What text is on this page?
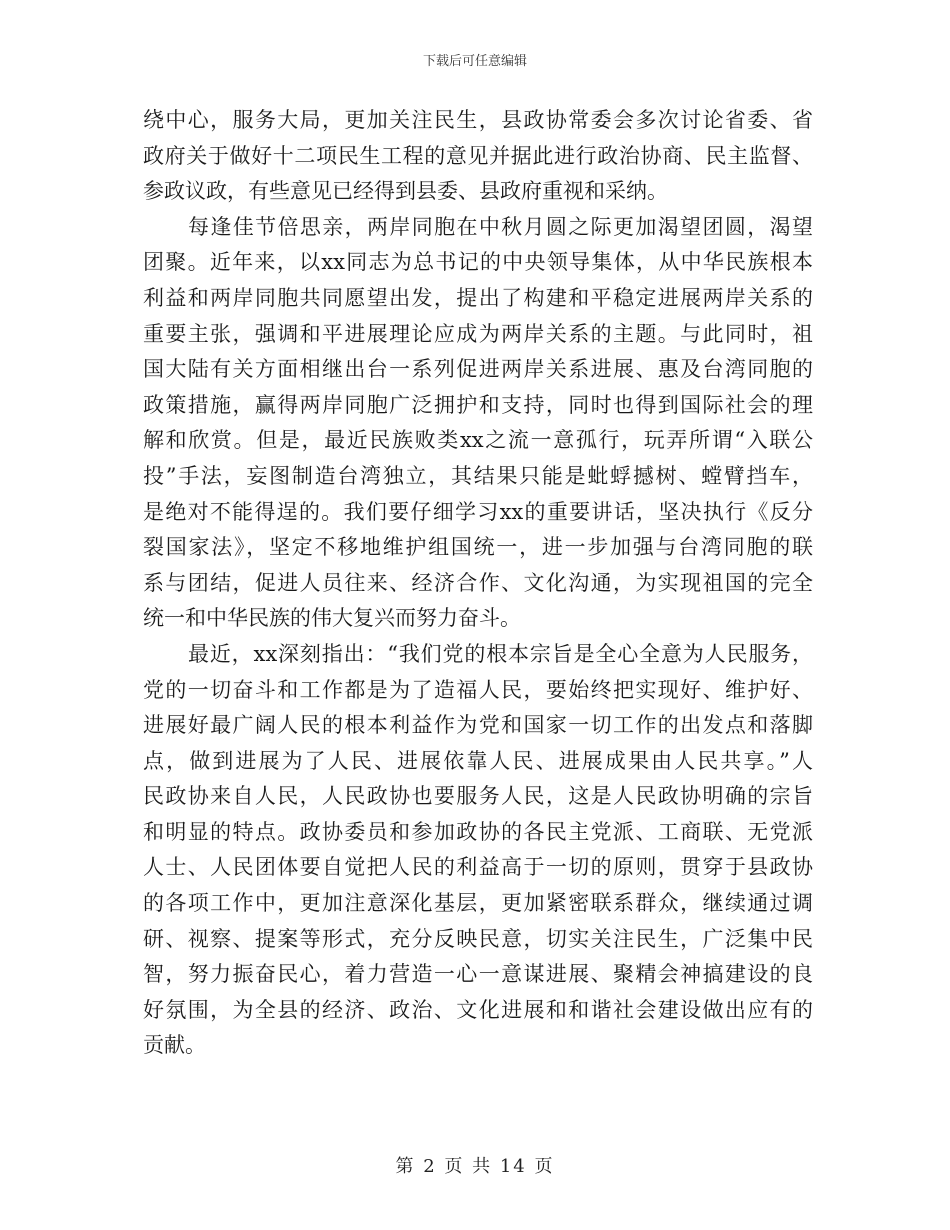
下载后可任意编辑
绕中心，服务大局，更加关注民生，县政协常委会多次讨论省委、省
政府关于做好十二项民生工程的意见并据此进行政治协商、民主监督、
参政议政，有些意见已经得到县委、县政府重视和采纳。
每逢佳节倍思亲，两岸同胞在中秋月圆之际更加渴望团圆，渴望
团聚。近年来，以xx同志为总书记的中央领导集体，从中华民族根本
利益和两岸同胞共同愿望出发，提出了构建和平稳定进展两岸关系的
重要主张，强调和平进展理论应成为两岸关系的主题。与此同时，祖
国大陆有关方面相继出台一系列促进两岸关系进展、惠及台湾同胞的
政策措施，赢得两岸同胞广泛拥护和支持，同时也得到国际社会的理
解和欣赏。但是，最近民族败类xx之流一意孤行，玩弄所谓“入联公
投”手法，妄图制造台湾独立，其结果只能是蚍蜉撼树、螳臂挡车，
是绝对不能得逞的。我们要仔细学习xx的重要讲话，坚决执行《反分
裂国家法》，坚定不移地维护组国统一，进一步加强与台湾同胞的联
系与团结，促进人员往来、经济合作、文化沟通，为实现祖国的完全
统一和中华民族的伟大复兴而努力奋斗。
最近，xx深刻指出：“我们党的根本宗旨是全心全意为人民服务，
党的一切奋斗和工作都是为了造福人民，要始终把实现好、维护好、
进展好最广阔人民的根本利益作为党和国家一切工作的出发点和落脚
点，做到进展为了人民、进展依靠人民、进展成果由人民共享。”人
民政协来自人民，人民政协也要服务人民，这是人民政协明确的宗旨
和明显的特点。政协委员和参加政协的各民主党派、工商联、无党派
人士、人民团体要自觉把人民的利益高于一切的原则，贯穿于县政协
的各项工作中，更加注意深化基层，更加紧密联系群众，继续通过调
研、视察、提案等形式，充分反映民意，切实关注民生，广泛集中民
智，努力振奋民心，着力营造一心一意谋进展、聚精会神搞建设的良
好氛围，为全县的经济、政治、文化进展和和谐社会建设做出应有的
贡献。
第 2 页 共 14 页
